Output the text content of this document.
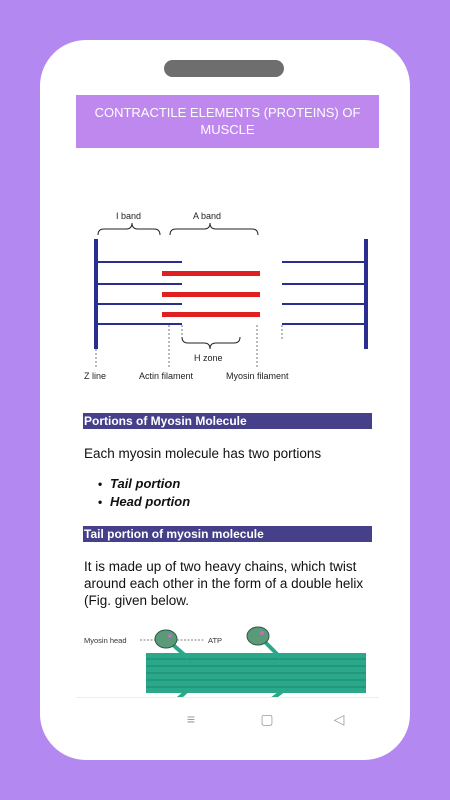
CONTRACTILE ELEMENTS (PROTEINS) OF MUSCLE
I band	A band
H zone
Z line	Actin filament	Myosin filament
Portions of Myosin Molecule
Each myosin molecule has two portions
• Tail portion
• Head portion
Tail portion of myosin molecule
It is made up of two heavy chains, which twist around each other in the form of a double helix (Fig. given below.
Myosin head	ATP
≡	▢	◁
